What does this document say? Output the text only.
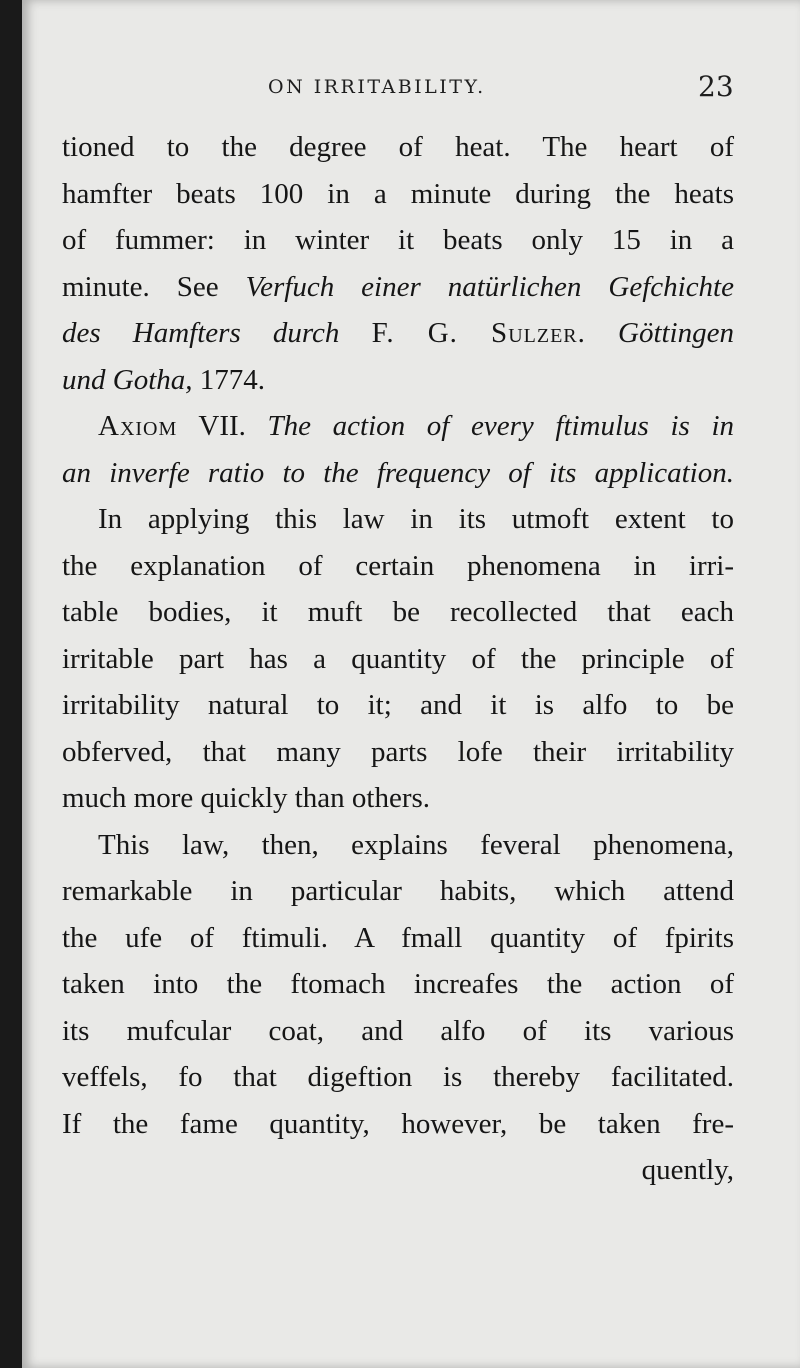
ON IRRITABILITY.	23

tioned to the degree of heat. The heart of
hamfter beats 100 in a minute during the heats
of fummer: in winter it beats only 15 in a
minute. See Verfuch einer natürlichen Gefchichte
des Hamfters durch F. G. Sulzer. Göttingen
und Gotha, 1774.

Axiom VII. The action of every ftimulus is in
an inverfe ratio to the frequency of its application.

In applying this law in its utmoft extent to
the explanation of certain phenomena in irri-
table bodies, it muft be recollected that each
irritable part has a quantity of the principle of
irritability natural to it; and it is alfo to be
obferved, that many parts lofe their irritability
much more quickly than others.

This law, then, explains feveral phenomena,
remarkable in particular habits, which attend
the ufe of ftimuli. A fmall quantity of fpirits
taken into the ftomach increafes the action of
its mufcular coat, and alfo of its various
veffels, fo that digeftion is thereby facilitated.
If the fame quantity, however, be taken fre-
quently,
